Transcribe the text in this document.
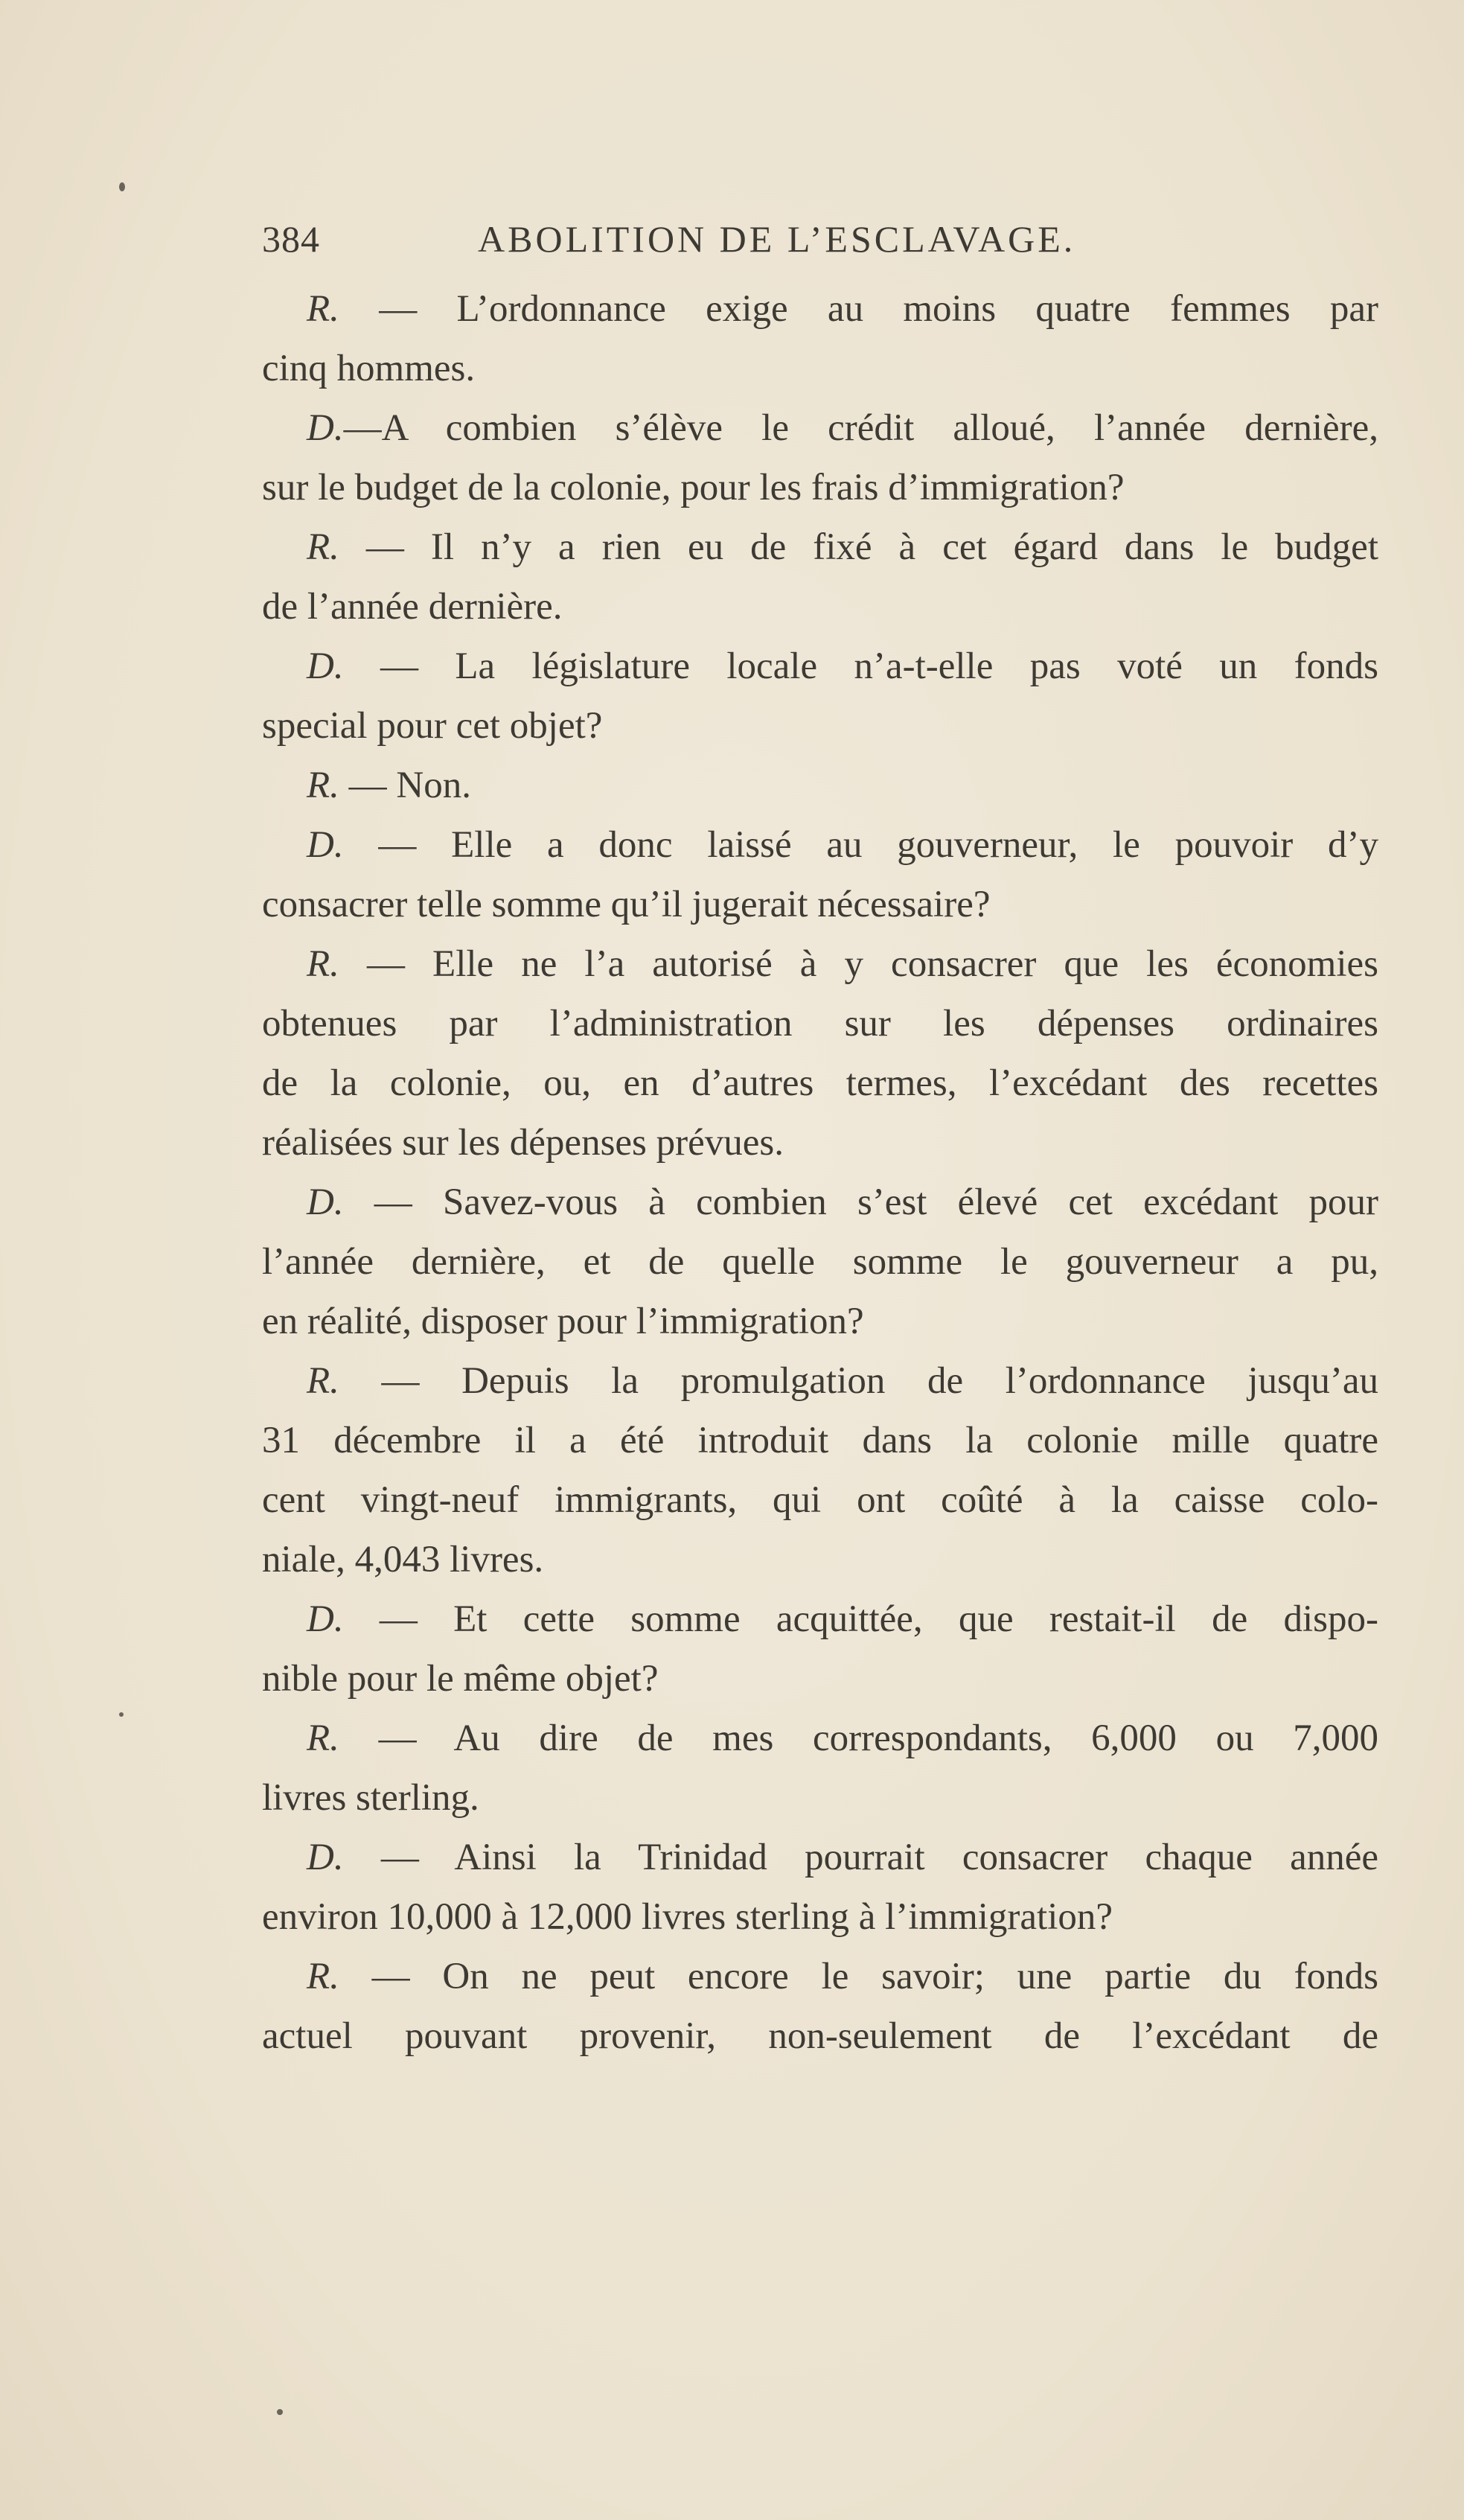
384	ABOLITION DE L’ESCLAVAGE.
R. — L’ordonnance exige au moins quatre femmes par
cinq hommes.
D.—A combien s’élève le crédit alloué, l’année dernière,
sur le budget de la colonie, pour les frais d’immigration?
R. — Il n’y a rien eu de fixé à cet égard dans le budget
de l’année dernière.
D. — La législature locale n’a-t-elle pas voté un fonds
special pour cet objet?
R. — Non.
D. — Elle a donc laissé au gouverneur, le pouvoir d’y
consacrer telle somme qu’il jugerait nécessaire?
R. — Elle ne l’a autorisé à y consacrer que les économies
obtenues par l’administration sur les dépenses ordinaires
de la colonie, ou, en d’autres termes, l’excédant des recettes
réalisées sur les dépenses prévues.
D. — Savez-vous à combien s’est élevé cet excédant pour
l’année dernière, et de quelle somme le gouverneur a pu,
en réalité, disposer pour l’immigration?
R. — Depuis la promulgation de l’ordonnance jusqu’au
31 décembre il a été introduit dans la colonie mille quatre
cent vingt-neuf immigrants, qui ont coûté à la caisse colo-
niale, 4,043 livres.
D. — Et cette somme acquittée, que restait-il de dispo-
nible pour le même objet?
R. — Au dire de mes correspondants, 6,000 ou 7,000
livres sterling.
D. — Ainsi la Trinidad pourrait consacrer chaque année
environ 10,000 à 12,000 livres sterling à l’immigration?
R. — On ne peut encore le savoir; une partie du fonds
actuel pouvant provenir, non-seulement de l’excédant de
